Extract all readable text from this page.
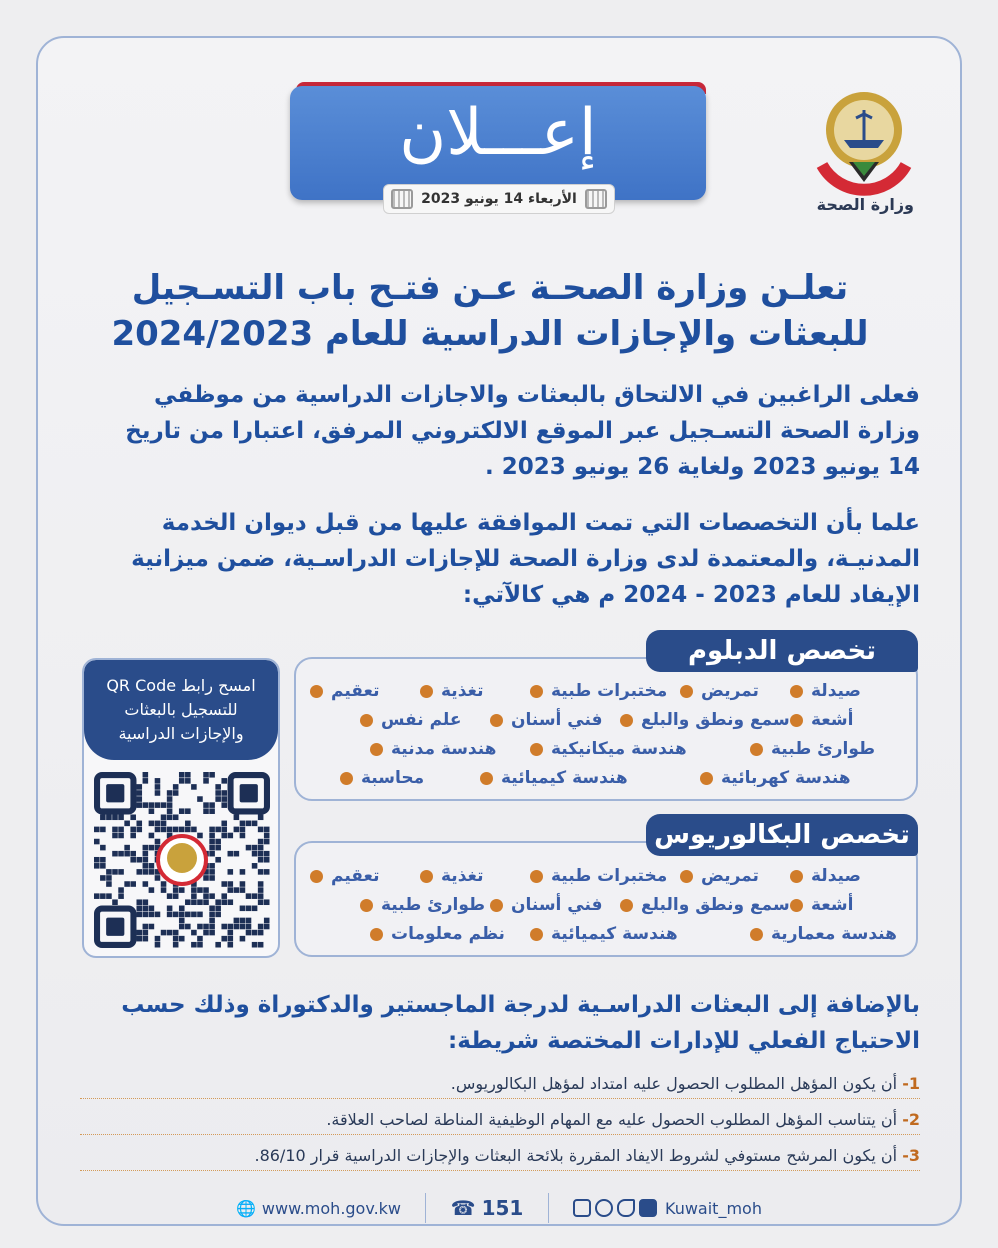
وزارة الصحة
إعـــلان
الأربعاء 14 يونيو 2023
تعلـن وزارة الصحـة عـن فتـح باب التسـجيل
للبعثات والإجازات الدراسية للعام 2024/2023
فعلى الراغبين في الالتحاق بالبعثات والاجازات الدراسية من موظفي
وزارة الصحة التسـجيل عبر الموقع الالكتروني المرفق، اعتبارا من تاريخ
14 يونيو 2023 ولغاية 26 يونيو 2023 .
علما بأن التخصصات التي تمت الموافقة عليها من قبل ديوان الخدمة
المدنيـة، والمعتمدة لدى وزارة الصحة للإجازات الدراسـية، ضمن ميزانية
الإيفاد للعام 2023 - 2024 م هي كالآتي:
تخصص الدبلوم
صيدلة
تمريض
مختبرات طبية
تغذية
تعقيم
أشعة
سمع ونطق والبلع
فني أسنان
علم نفس
طوارئ طبية
هندسة ميكانيكية
هندسة مدنية
هندسة كهربائية
هندسة كيميائية
محاسبة
تخصص البكالوريوس
صيدلة
تمريض
مختبرات طبية
تغذية
تعقيم
أشعة
سمع ونطق والبلع
فني أسنان
طوارئ طبية
هندسة معمارية
هندسة كيميائية
نظم معلومات
امسح رابط QR Code
للتسجيل بالبعثات
والإجازات الدراسية
بالإضافة إلى البعثات الدراسـية لدرجة الماجستير والدكتوراة وذلك حسب
الاحتياج الفعلي للإدارات المختصة شريطة:
1- أن يكون المؤهل المطلوب الحصول عليه امتداد لمؤهل البكالوريوس.
2- أن يتناسب المؤهل المطلوب الحصول عليه مع المهام الوظيفية المناطة لصاحب العلاقة.
3- أن يكون المرشح مستوفي لشروط الايفاد المقررة بلائحة البعثات والإجازات الدراسية قرار 86/10.
🌐 www.moh.gov.kw ☎ 151	Kuwait_moh
